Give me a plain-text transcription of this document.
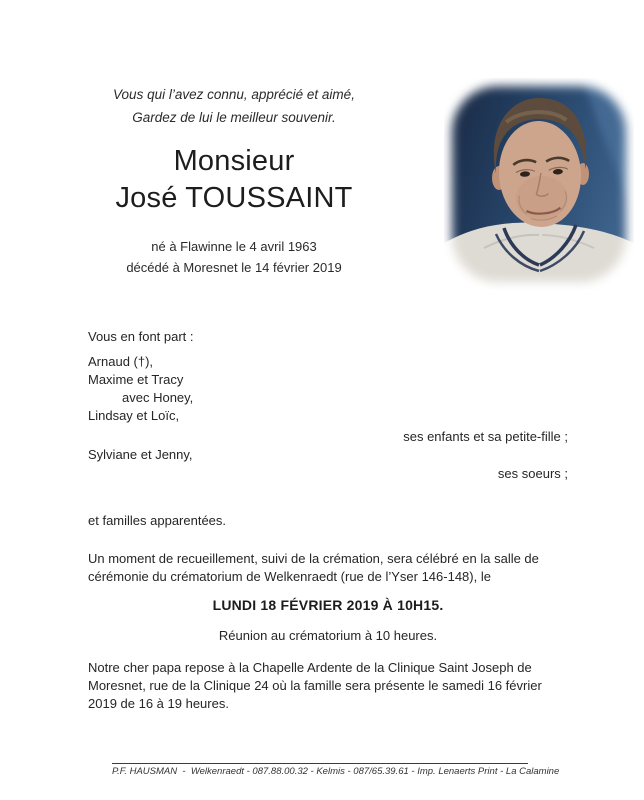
Vous qui l’avez connu, apprécié et aimé,
Gardez de lui le meilleur souvenir.
Monsieur
José TOUSSAINT
né à Flawinne le 4 avril 1963
décédé à Moresnet le 14 février 2019
Vous en font part :
Arnaud (†),
Maxime et Tracy
avec Honey,
Lindsay et Loïc,
ses enfants et sa petite-fille ;
Sylviane et Jenny,
ses soeurs ;
et familles apparentées.
Un moment de recueillement, suivi de la crémation, sera célébré en la salle de
cérémonie du crématorium de Welkenraedt (rue de l’Yser 146-148), le
LUNDI 18 FÉVRIER 2019 À 10H15.
Réunion au crématorium à 10 heures.
Notre cher papa repose à la Chapelle Ardente de la Clinique Saint Joseph de
Moresnet, rue de la Clinique 24 où la famille sera présente le samedi 16 février
2019 de 16 à 19 heures.
P.F. HAUSMAN  -  Welkenraedt - 087.88.00.32 - Kelmis - 087/65.39.61 - Imp. Lenaerts Print - La Calamine
